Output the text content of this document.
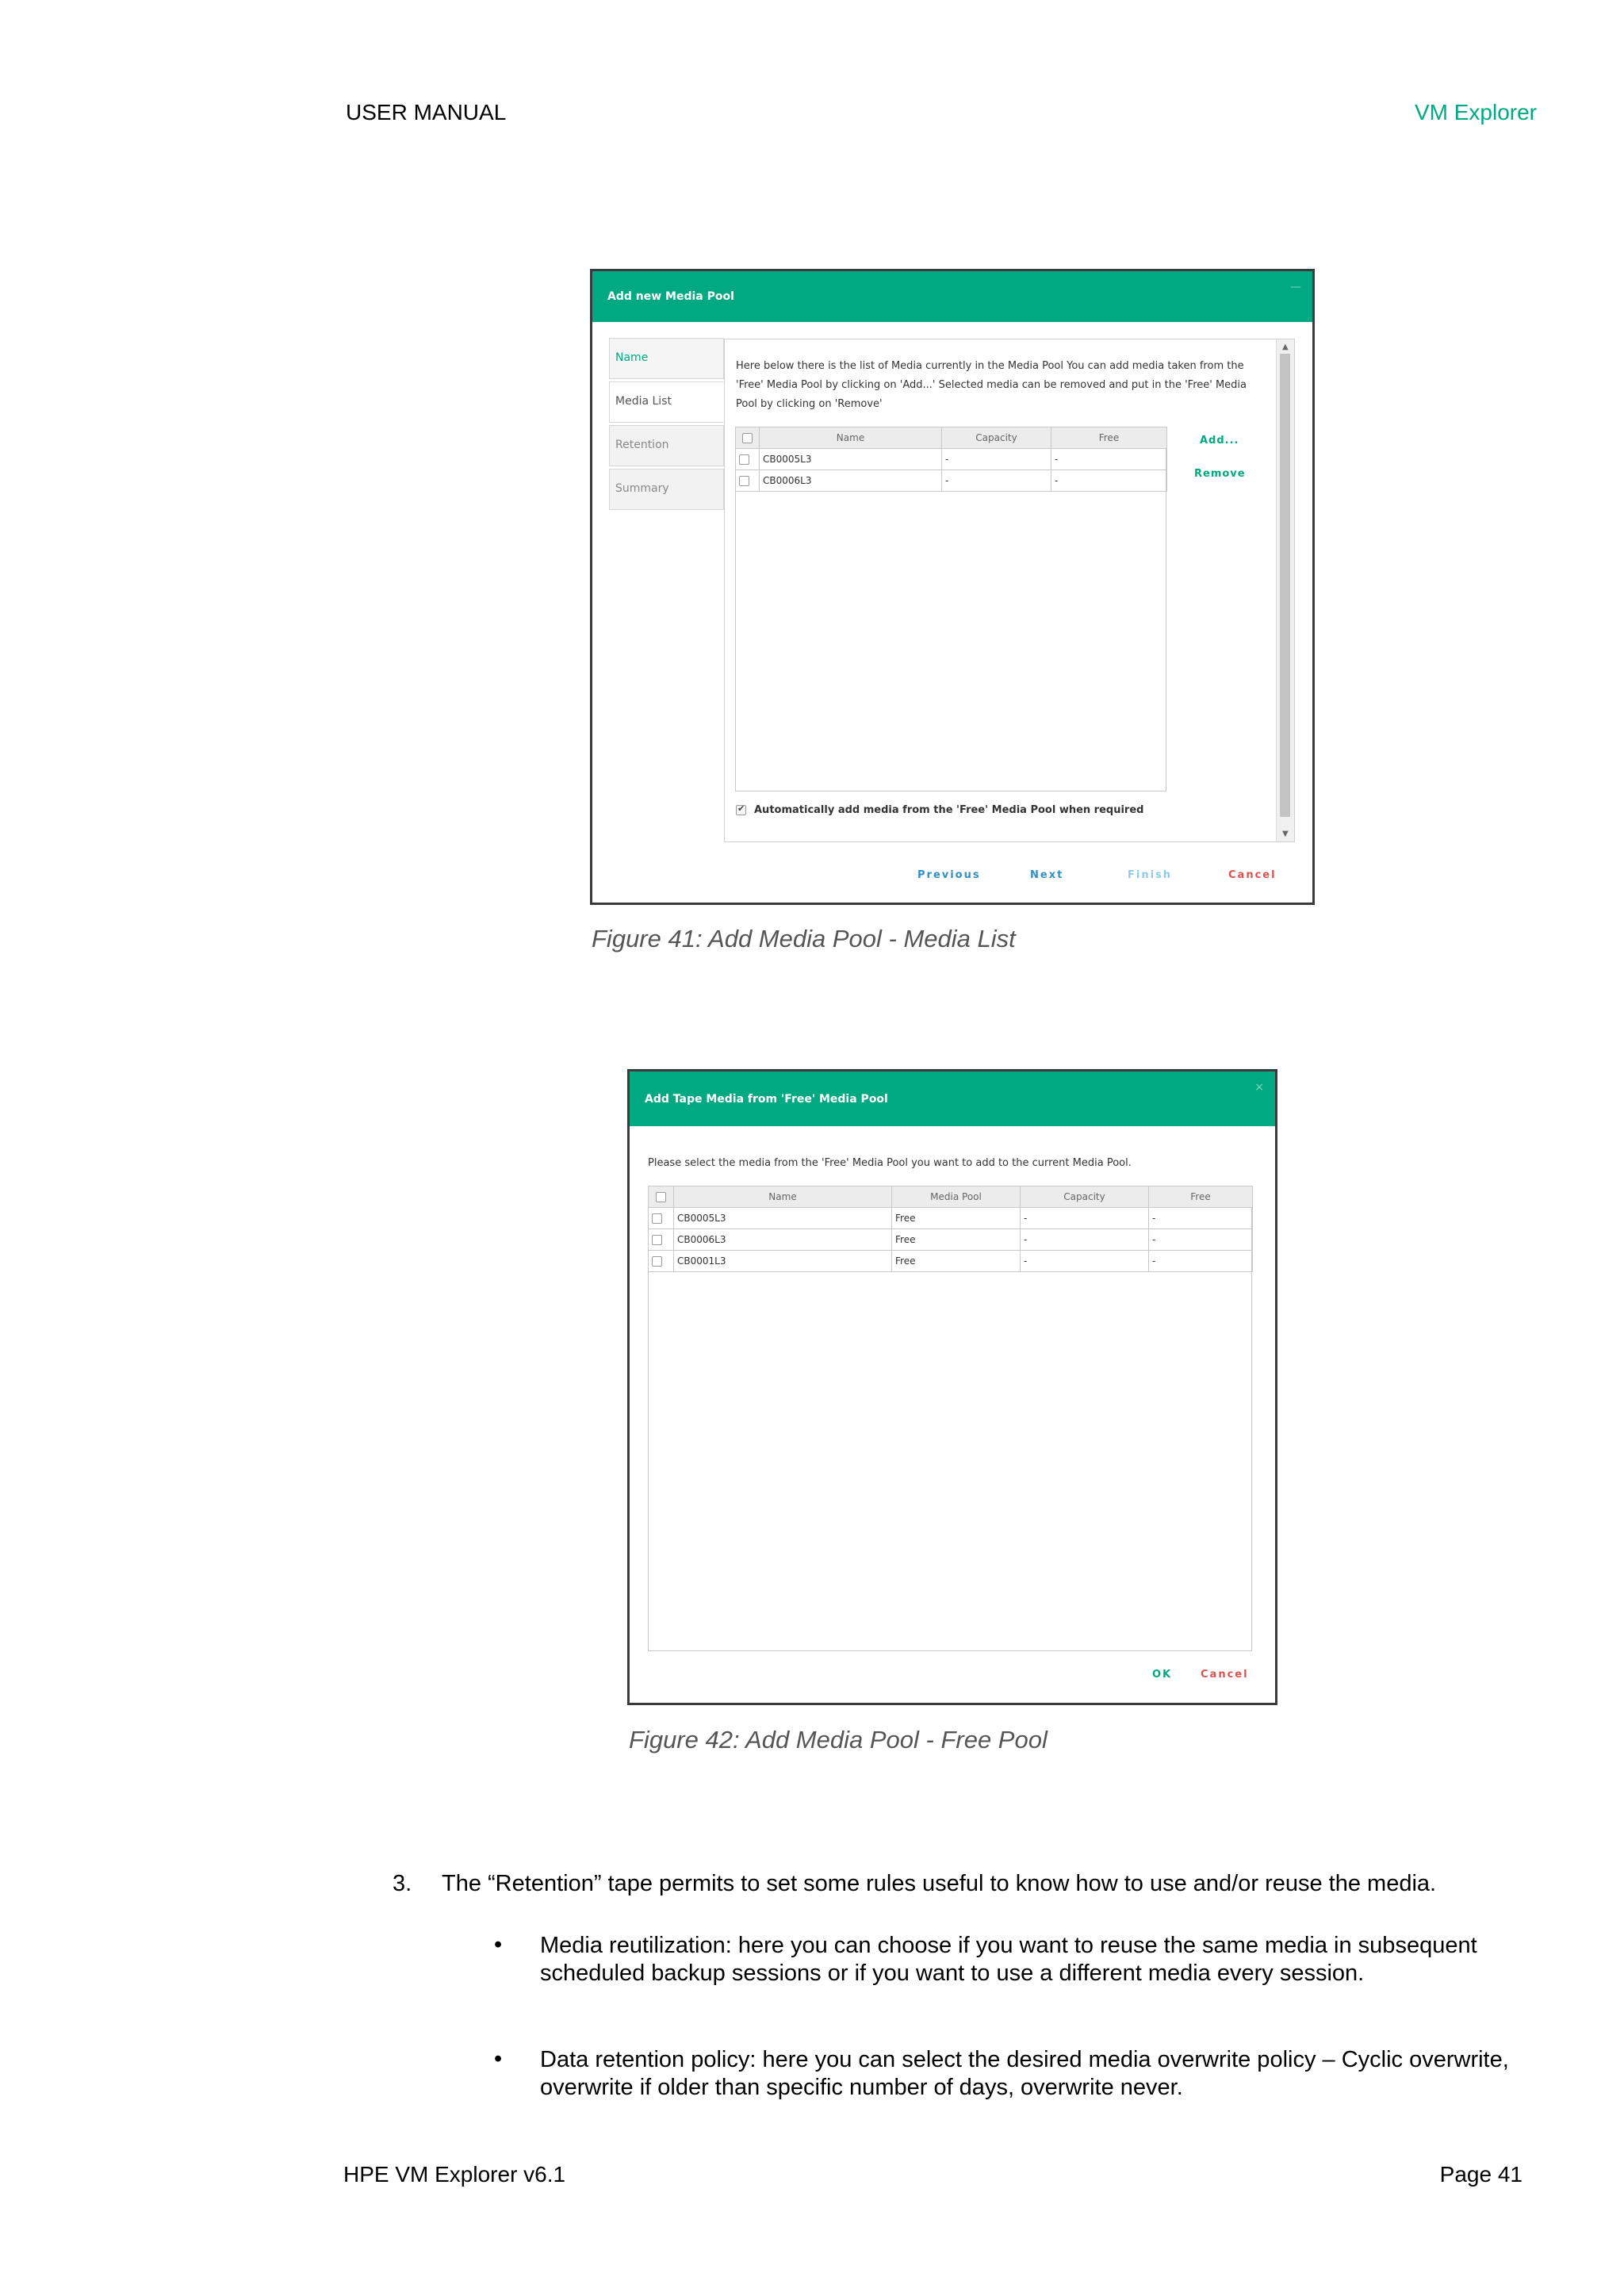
USER MANUAL	VM Explorer
Add new Media Pool
—
Name
Media List
Retention
Summary
Here below there is the list of Media currently in the Media Pool You can add media taken from the 'Free' Media Pool by clicking on 'Add...' Selected media can be removed and put in the 'Free' Media Pool by clicking on 'Remove'
	Name	Capacity	Free
	CB0005L3	-	-
	CB0006L3	-	-
Add...
Remove
✔
Automatically add media from the 'Free' Media Pool when required
▲
▼
Previous	Next	Finish	Cancel
Figure 41: Add Media Pool - Media List
Add Tape Media from 'Free' Media Pool
×
Please select the media from the 'Free' Media Pool you want to add to the current Media Pool.
	Name	Media Pool	Capacity	Free
	CB0005L3	Free	-	-
	CB0006L3	Free	-	-
	CB0001L3	Free	-	-
OK	Cancel
Figure 42: Add Media Pool - Free Pool
3. The “Retention” tape permits to set some rules useful to know how to use and/or reuse the media.
• Media reutilization: here you can choose if you want to reuse the same media in subsequent scheduled backup sessions or if you want to use a different media every session.
• Data retention policy: here you can select the desired media overwrite policy – Cyclic overwrite, overwrite if older than specific number of days, overwrite never.
HPE VM Explorer v6.1	Page 41
